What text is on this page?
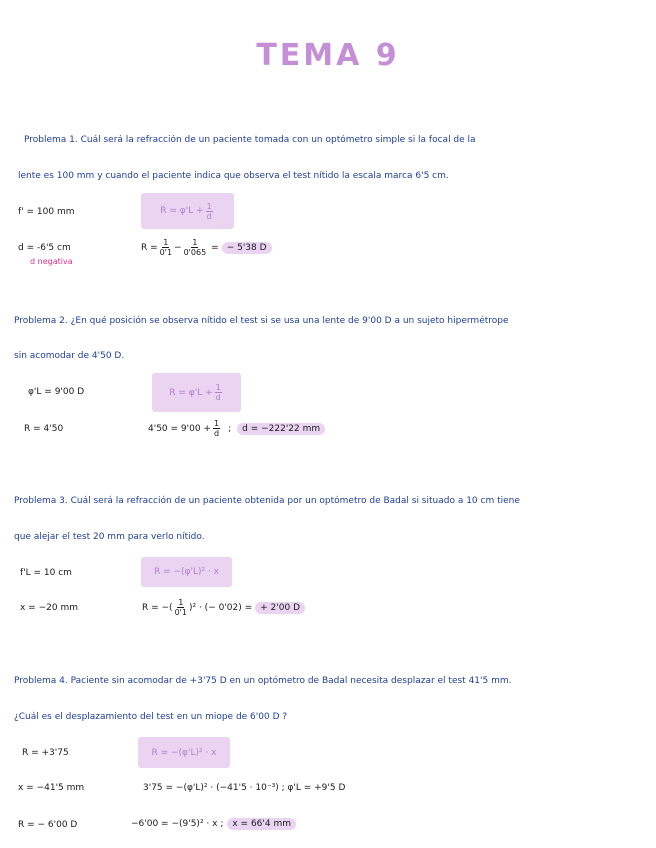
TEMA 9
Problema 1. Cuál será la refracción de un paciente tomada con un optómetro simple si la focal de la
lente es 100 mm y cuando el paciente indica que observa el test nítido la escala marca 6'5 cm.
f' = 100 mm	$R = \varphi'L + \frac{1}{d}$
d = -6'5 cm
d negativa
$R = \frac{1}{0'1} - \frac{1}{0'065}$ = − 5'38 D
Problema 2. ¿En qué posición se observa nítido el test si se usa una lente de 9'00 D a un sujeto hipermétrope
sin acomodar de 4'50 D.
φ'L = 9'00 D	$R = \varphi'L + \frac{1}{d}$
R = 4'50	$4'50 = 9'00 + \frac{1}{d}$ ;	d = −222'22 mm
Problema 3. Cuál será la refracción de un paciente obtenida por un optómetro de Badal si situado a 10 cm tiene
que alejar el test 20 mm para verlo nítido.
f'L = 10 cm	R = −(φ'L)² · x
x = −20 mm	R = −( $\frac{1}{0'1} )^2$ · (− 0'02) = + 2'00 D
Problema 4. Paciente sin acomodar de +3'75 D en un optómetro de Badal necesita desplazar el test 41'5 mm.
¿Cuál es el desplazamiento del test en un miope de 6'00 D ?
R = +3'75	R = −(φ'L)² · x
x = −41'5 mm	3'75 = −(φ'L)² · (−41'5 · 10⁻³) ; φ'L = +9'5 D
R = − 6'00 D	−6'00 = −(9'5)² · x ;	x = 66'4 mm
